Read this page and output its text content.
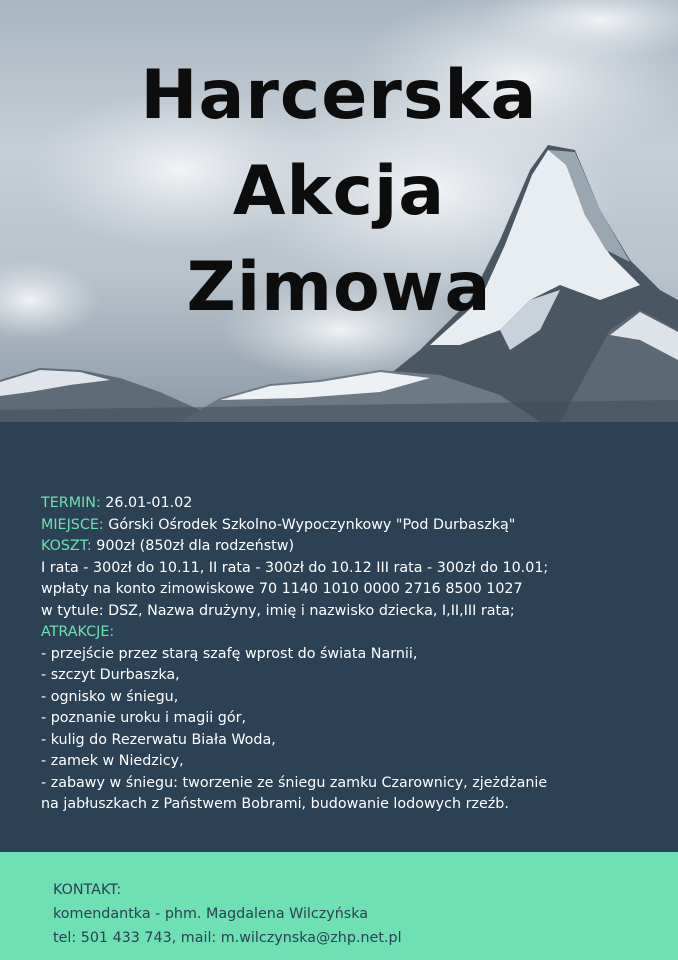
Harcerska
Akcja
Zimowa
TERMIN: 26.01-01.02
MIEJSCE: Górski Ośrodek Szkolno-Wypoczynkowy "Pod Durbaszką"
KOSZT: 900zł (850zł dla rodzeństw)
I rata - 300zł do 10.11, II rata - 300zł do 10.12 III rata - 300zł do 10.01;
wpłaty na konto zimowiskowe 70 1140 1010 0000 2716 8500 1027
w tytule: DSZ, Nazwa drużyny, imię i nazwisko dziecka, I,II,III rata;
ATRAKCJE:
- przejście przez starą szafę wprost do świata Narnii,
- szczyt Durbaszka,
- ognisko w śniegu,
- poznanie uroku i magii gór,
- kulig do Rezerwatu Biała Woda,
- zamek w Niedzicy,
- zabawy w śniegu: tworzenie ze śniegu zamku Czarownicy, zjeżdżanie
na jabłuszkach z Państwem Bobrami, budowanie lodowych rzeźb.
KONTAKT:
komendantka - phm. Magdalena Wilczyńska
tel: 501 433 743, mail: m.wilczynska@zhp.net.pl
